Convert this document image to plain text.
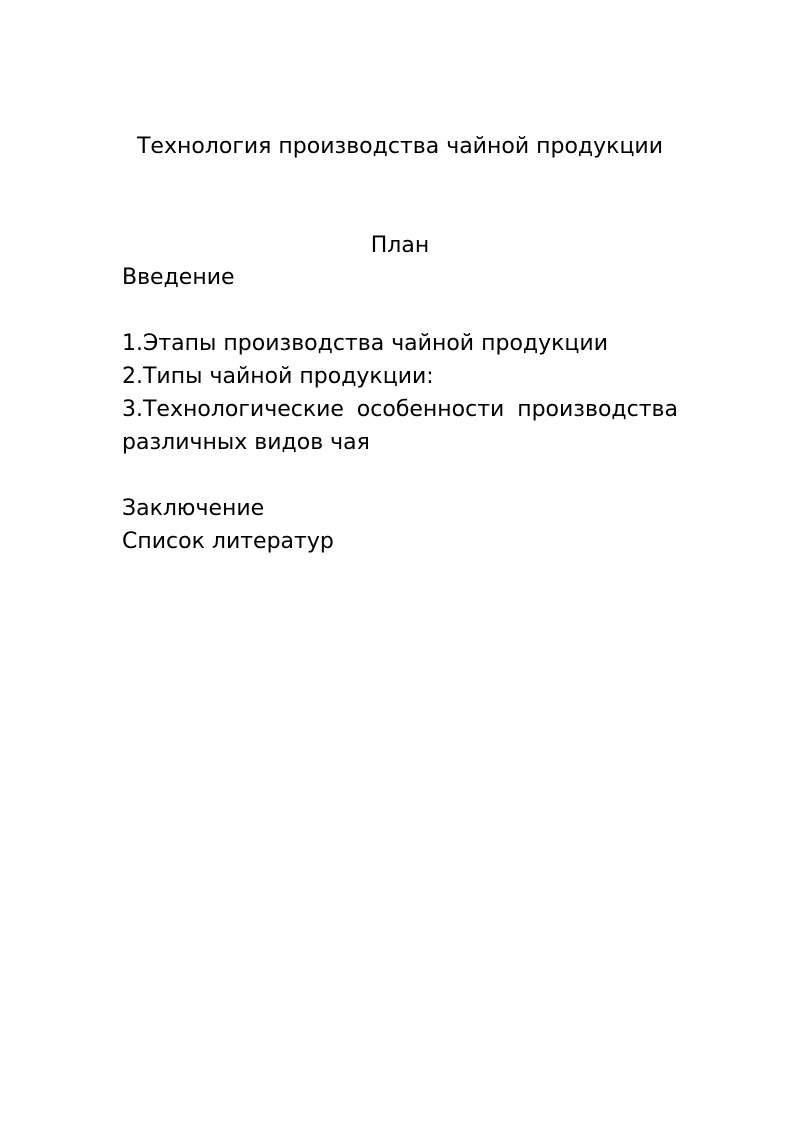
Технология производства чайной продукции
План
Введение
1.Этапы производства чайной продукции
2.Типы чайной продукции:
3.Технологические особенности производства
различных видов чая
Заключение
Список литератур
